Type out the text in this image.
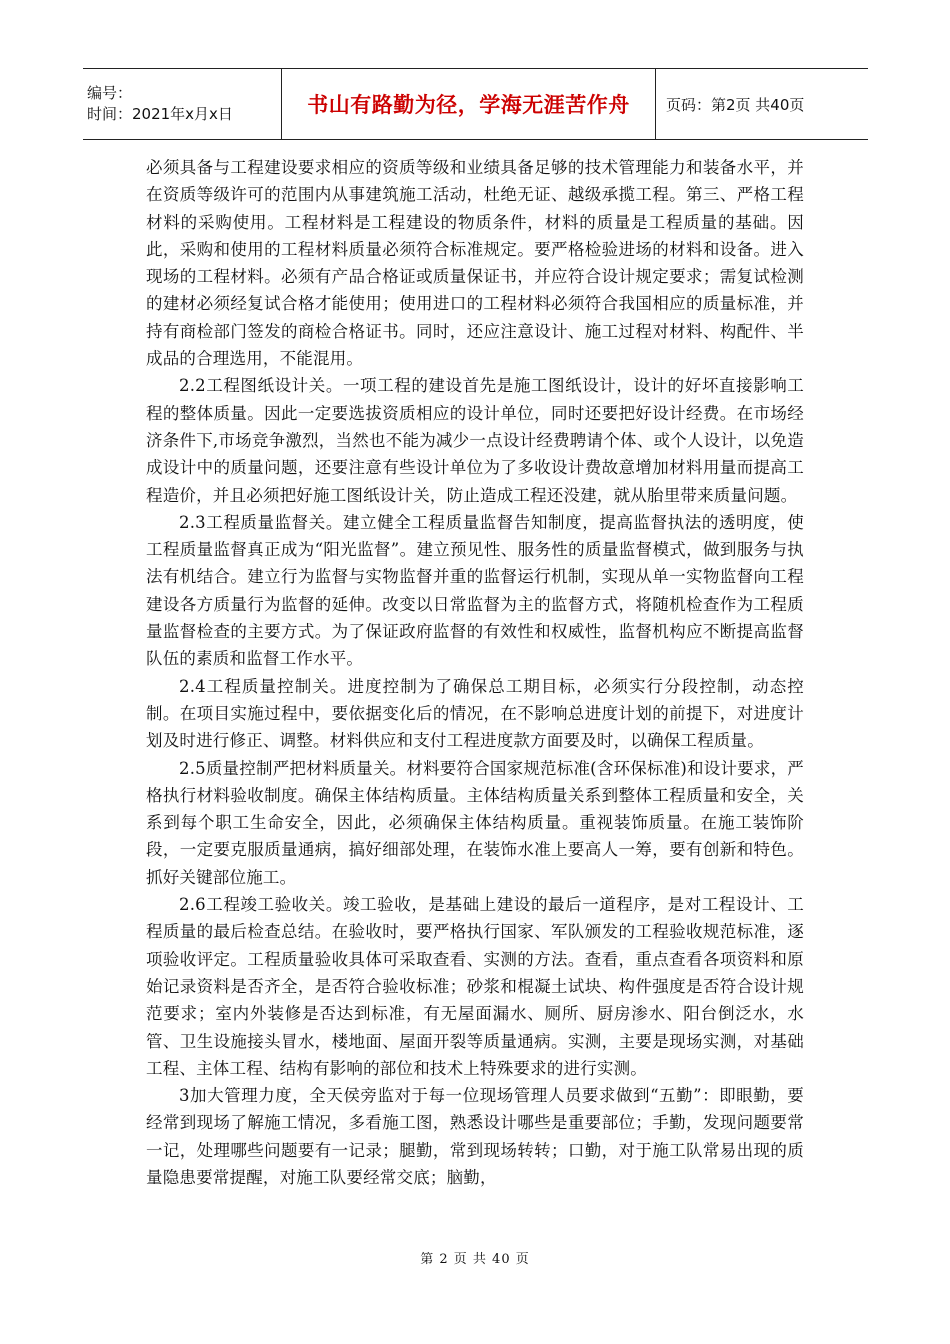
编号：
时间：2021年x月x日	书山有路勤为径，学海无涯苦作舟 页码：第2页 共40页

必须具备与工程建设要求相应的资质等级和业绩具备足够的技术管理能力和装备水平，并在资质等级许可的范围内从事建筑施工活动，杜绝无证、越级承揽工程。第三、严格工程材料的采购使用。工程材料是工程建设的物质条件，材料的质量是工程质量的基础。因此，采购和使用的工程材料质量必须符合标准规定。要严格检验进场的材料和设备。进入现场的工程材料。必须有产品合格证或质量保证书，并应符合设计规定要求；需复试检测的建材必须经复试合格才能使用；使用进口的工程材料必须符合我国相应的质量标准，并持有商检部门签发的商检合格证书。同时，还应注意设计、施工过程对材料、构配件、半成品的合理选用，不能混用。

2.2工程图纸设计关。一项工程的建设首先是施工图纸设计，设计的好坏直接影响工程的整体质量。因此一定要选拔资质相应的设计单位，同时还要把好设计经费。在市场经济条件下,市场竞争激烈，当然也不能为减少一点设计经费聘请个体、或个人设计，以免造成设计中的质量问题，还要注意有些设计单位为了多收设计费故意增加材料用量而提高工程造价，并且必须把好施工图纸设计关，防止造成工程还没建，就从胎里带来质量问题。

2.3工程质量监督关。建立健全工程质量监督告知制度，提高监督执法的透明度，使工程质量监督真正成为“阳光监督”。建立预见性、服务性的质量监督模式，做到服务与执法有机结合。建立行为监督与实物监督并重的监督运行机制，实现从单一实物监督向工程建设各方质量行为监督的延伸。改变以日常监督为主的监督方式，将随机检查作为工程质量监督检查的主要方式。为了保证政府监督的有效性和权威性，监督机构应不断提高监督队伍的素质和监督工作水平。

2.4工程质量控制关。进度控制为了确保总工期目标，必须实行分段控制，动态控制。在项目实施过程中，要依据变化后的情况，在不影响总进度计划的前提下，对进度计划及时进行修正、调整。材料供应和支付工程进度款方面要及时，以确保工程质量。

2.5质量控制严把材料质量关。材料要符合国家规范标准(含环保标准)和设计要求，严格执行材料验收制度。确保主体结构质量。主体结构质量关系到整体工程质量和安全，关系到每个职工生命安全，因此，必须确保主体结构质量。重视装饰质量。在施工装饰阶段，一定要克服质量通病，搞好细部处理，在装饰水准上要高人一筹，要有创新和特色。抓好关键部位施工。

2.6工程竣工验收关。竣工验收，是基础上建设的最后一道程序，是对工程设计、工程质量的最后检查总结。在验收时，要严格执行国家、军队颁发的工程验收规范标准，逐项验收评定。工程质量验收具体可采取查看、实测的方法。查看，重点查看各项资料和原始记录资料是否齐全，是否符合验收标准；砂浆和棍凝土试块、构件强度是否符合设计规范要求；室内外装修是否达到标准，有无屋面漏水、厕所、厨房渗水、阳台倒泛水，水管、卫生设施接头冒水，楼地面、屋面开裂等质量通病。实测，主要是现场实测，对基础工程、主体工程、结构有影响的部位和技术上特殊要求的进行实测。

3加大管理力度，全天侯旁监对于每一位现场管理人员要求做到“五勤”：即眼勤，要经常到现场了解施工情况，多看施工图，熟悉设计哪些是重要部位；手勤，发现问题要常一记，处理哪些问题要有一记录；腿勤，常到现场转转；口勤，对于施工队常易出现的质量隐患要常提醒，对施工队要经常交底；脑勤，

第 2 页 共 40 页
